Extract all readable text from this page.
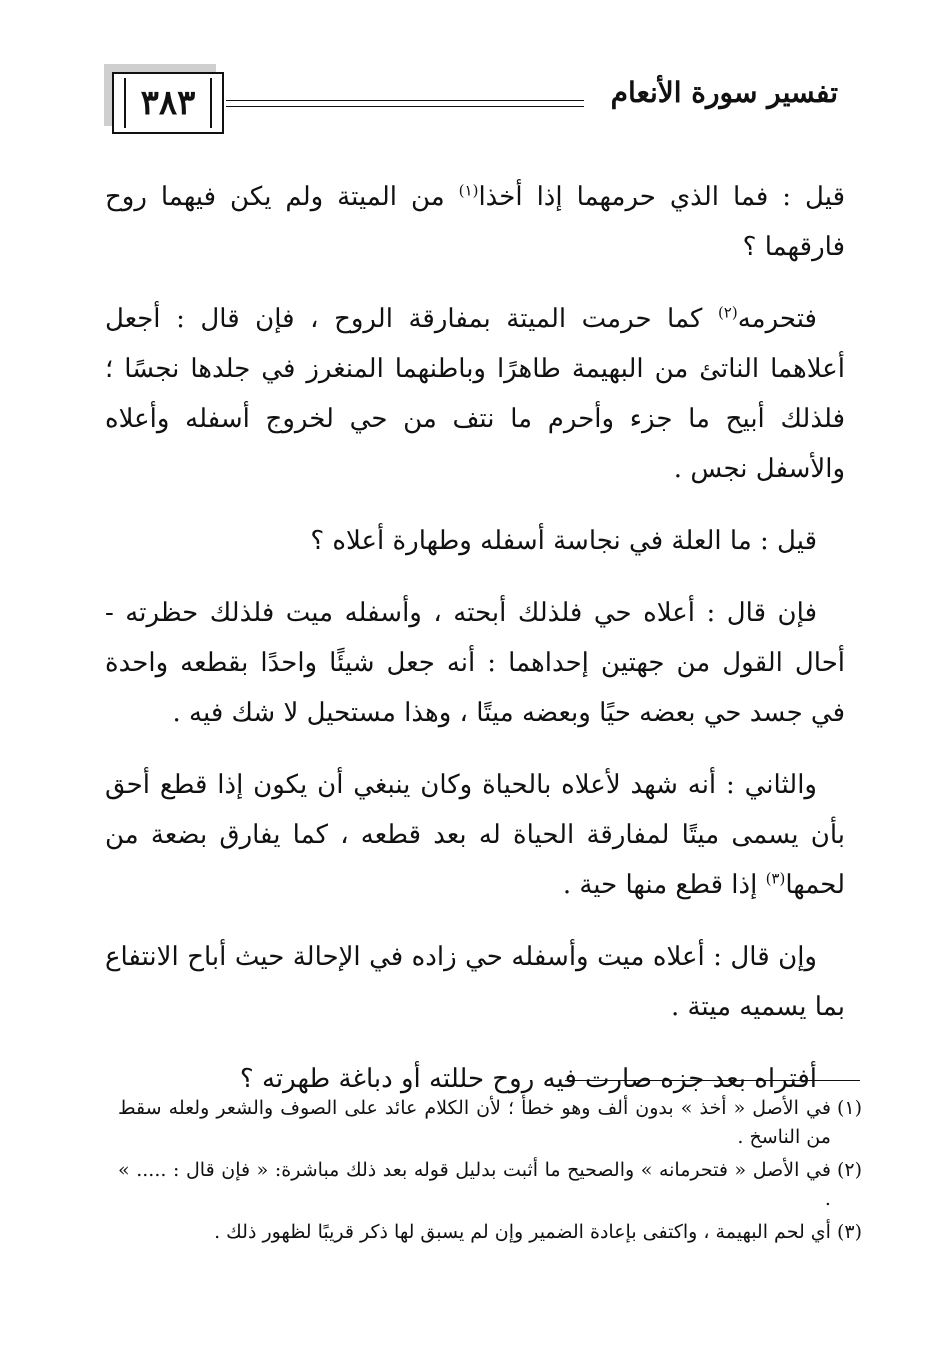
٣٨٣	تفسير سورة الأنعام

قيل : فما الذي حرمهما إذا أخذا$^{(١)}$ من الميتة ولم يكن فيهما روح فارقهما ؟

فتحرمه$^{(٢)}$ كما حرمت الميتة بمفارقة الروح ، فإن قال : أجعل أعلاهما الناتئ من البهيمة طاهرًا وباطنهما المنغرز في جلدها نجسًا ؛ فلذلك أبيح ما جزء وأحرم ما نتف من حي لخروج أسفله وأعلاه والأسفل نجس .

قيل : ما العلة في نجاسة أسفله وطهارة أعلاه ؟

فإن قال : أعلاه حي فلذلك أبحته ، وأسفله ميت فلذلك حظرته - أحال القول من جهتين إحداهما : أنه جعل شيئًا واحدًا بقطعه واحدة في جسد حي بعضه حيًا وبعضه ميتًا ، وهذا مستحيل لا شك فيه .

والثاني : أنه شهد لأعلاه بالحياة وكان ينبغي أن يكون إذا قطع أحق بأن يسمى ميتًا لمفارقة الحياة له بعد قطعه ، كما يفارق بضعة من لحمها$^{(٣)}$ إذا قطع منها حية .

وإن قال : أعلاه ميت وأسفله حي زاده في الإحالة حيث أباح الانتفاع بما يسميه ميتة .

أفتراه بعد جزه صارت فيه روح حللته أو دباغة طهرته ؟

(١)
في الأصل « أخذ » بدون ألف وهو خطأ ؛ لأن الكلام عائد على الصوف والشعر ولعله سقط من الناسخ .
(٢)
في الأصل « فتحرمانه » والصحيح ما أثبت بدليل قوله بعد ذلك مباشرة: « فإن قال : ..... » .
(٣)
أي لحم البهيمة ، واكتفى بإعادة الضمير وإن لم يسبق لها ذكر قريبًا لظهور ذلك .
